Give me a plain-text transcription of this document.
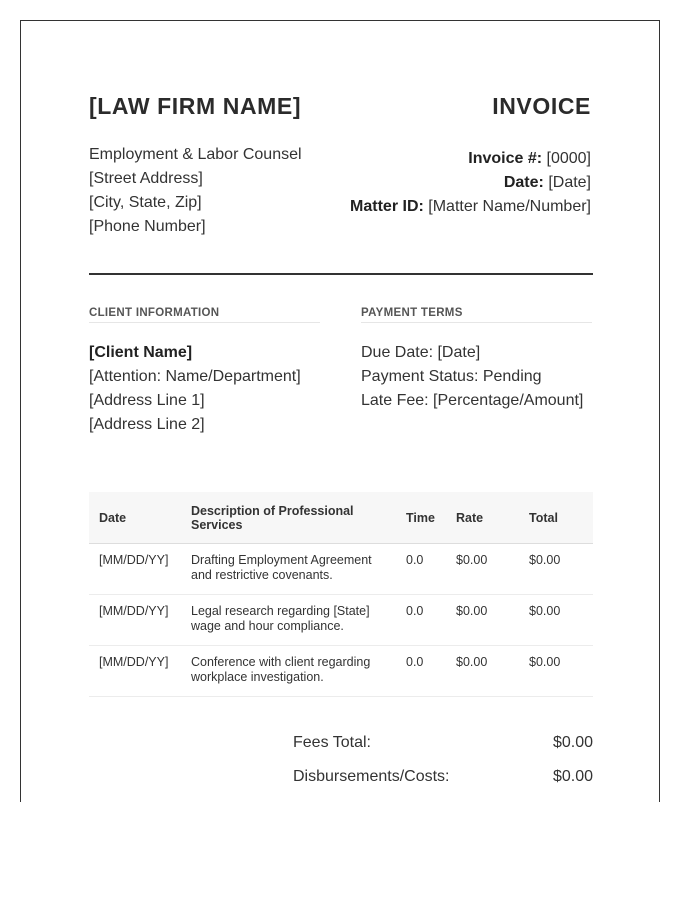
[LAW FIRM NAME]	INVOICE
Employment & Labor Counsel
[Street Address]
[City, State, Zip]
[Phone Number]
Invoice #: [0000]
Date: [Date]
Matter ID: [Matter Name/Number]
CLIENT INFORMATION	PAYMENT TERMS
[Client Name]
[Attention: Name/Department]
[Address Line 1]
[Address Line 2]
Due Date: [Date]
Payment Status: Pending
Late Fee: [Percentage/Amount]
Date	Description of Professional Services	Time	Rate	Total
[MM/DD/YY]	Drafting Employment Agreement and restrictive covenants.	0.0	$0.00	$0.00
[MM/DD/YY]	Legal research regarding [State] wage and hour compliance.	0.0	$0.00	$0.00
[MM/DD/YY]	Conference with client regarding workplace investigation.	0.0	$0.00	$0.00
Fees Total:	$0.00
Disbursements/Costs:	$0.00
